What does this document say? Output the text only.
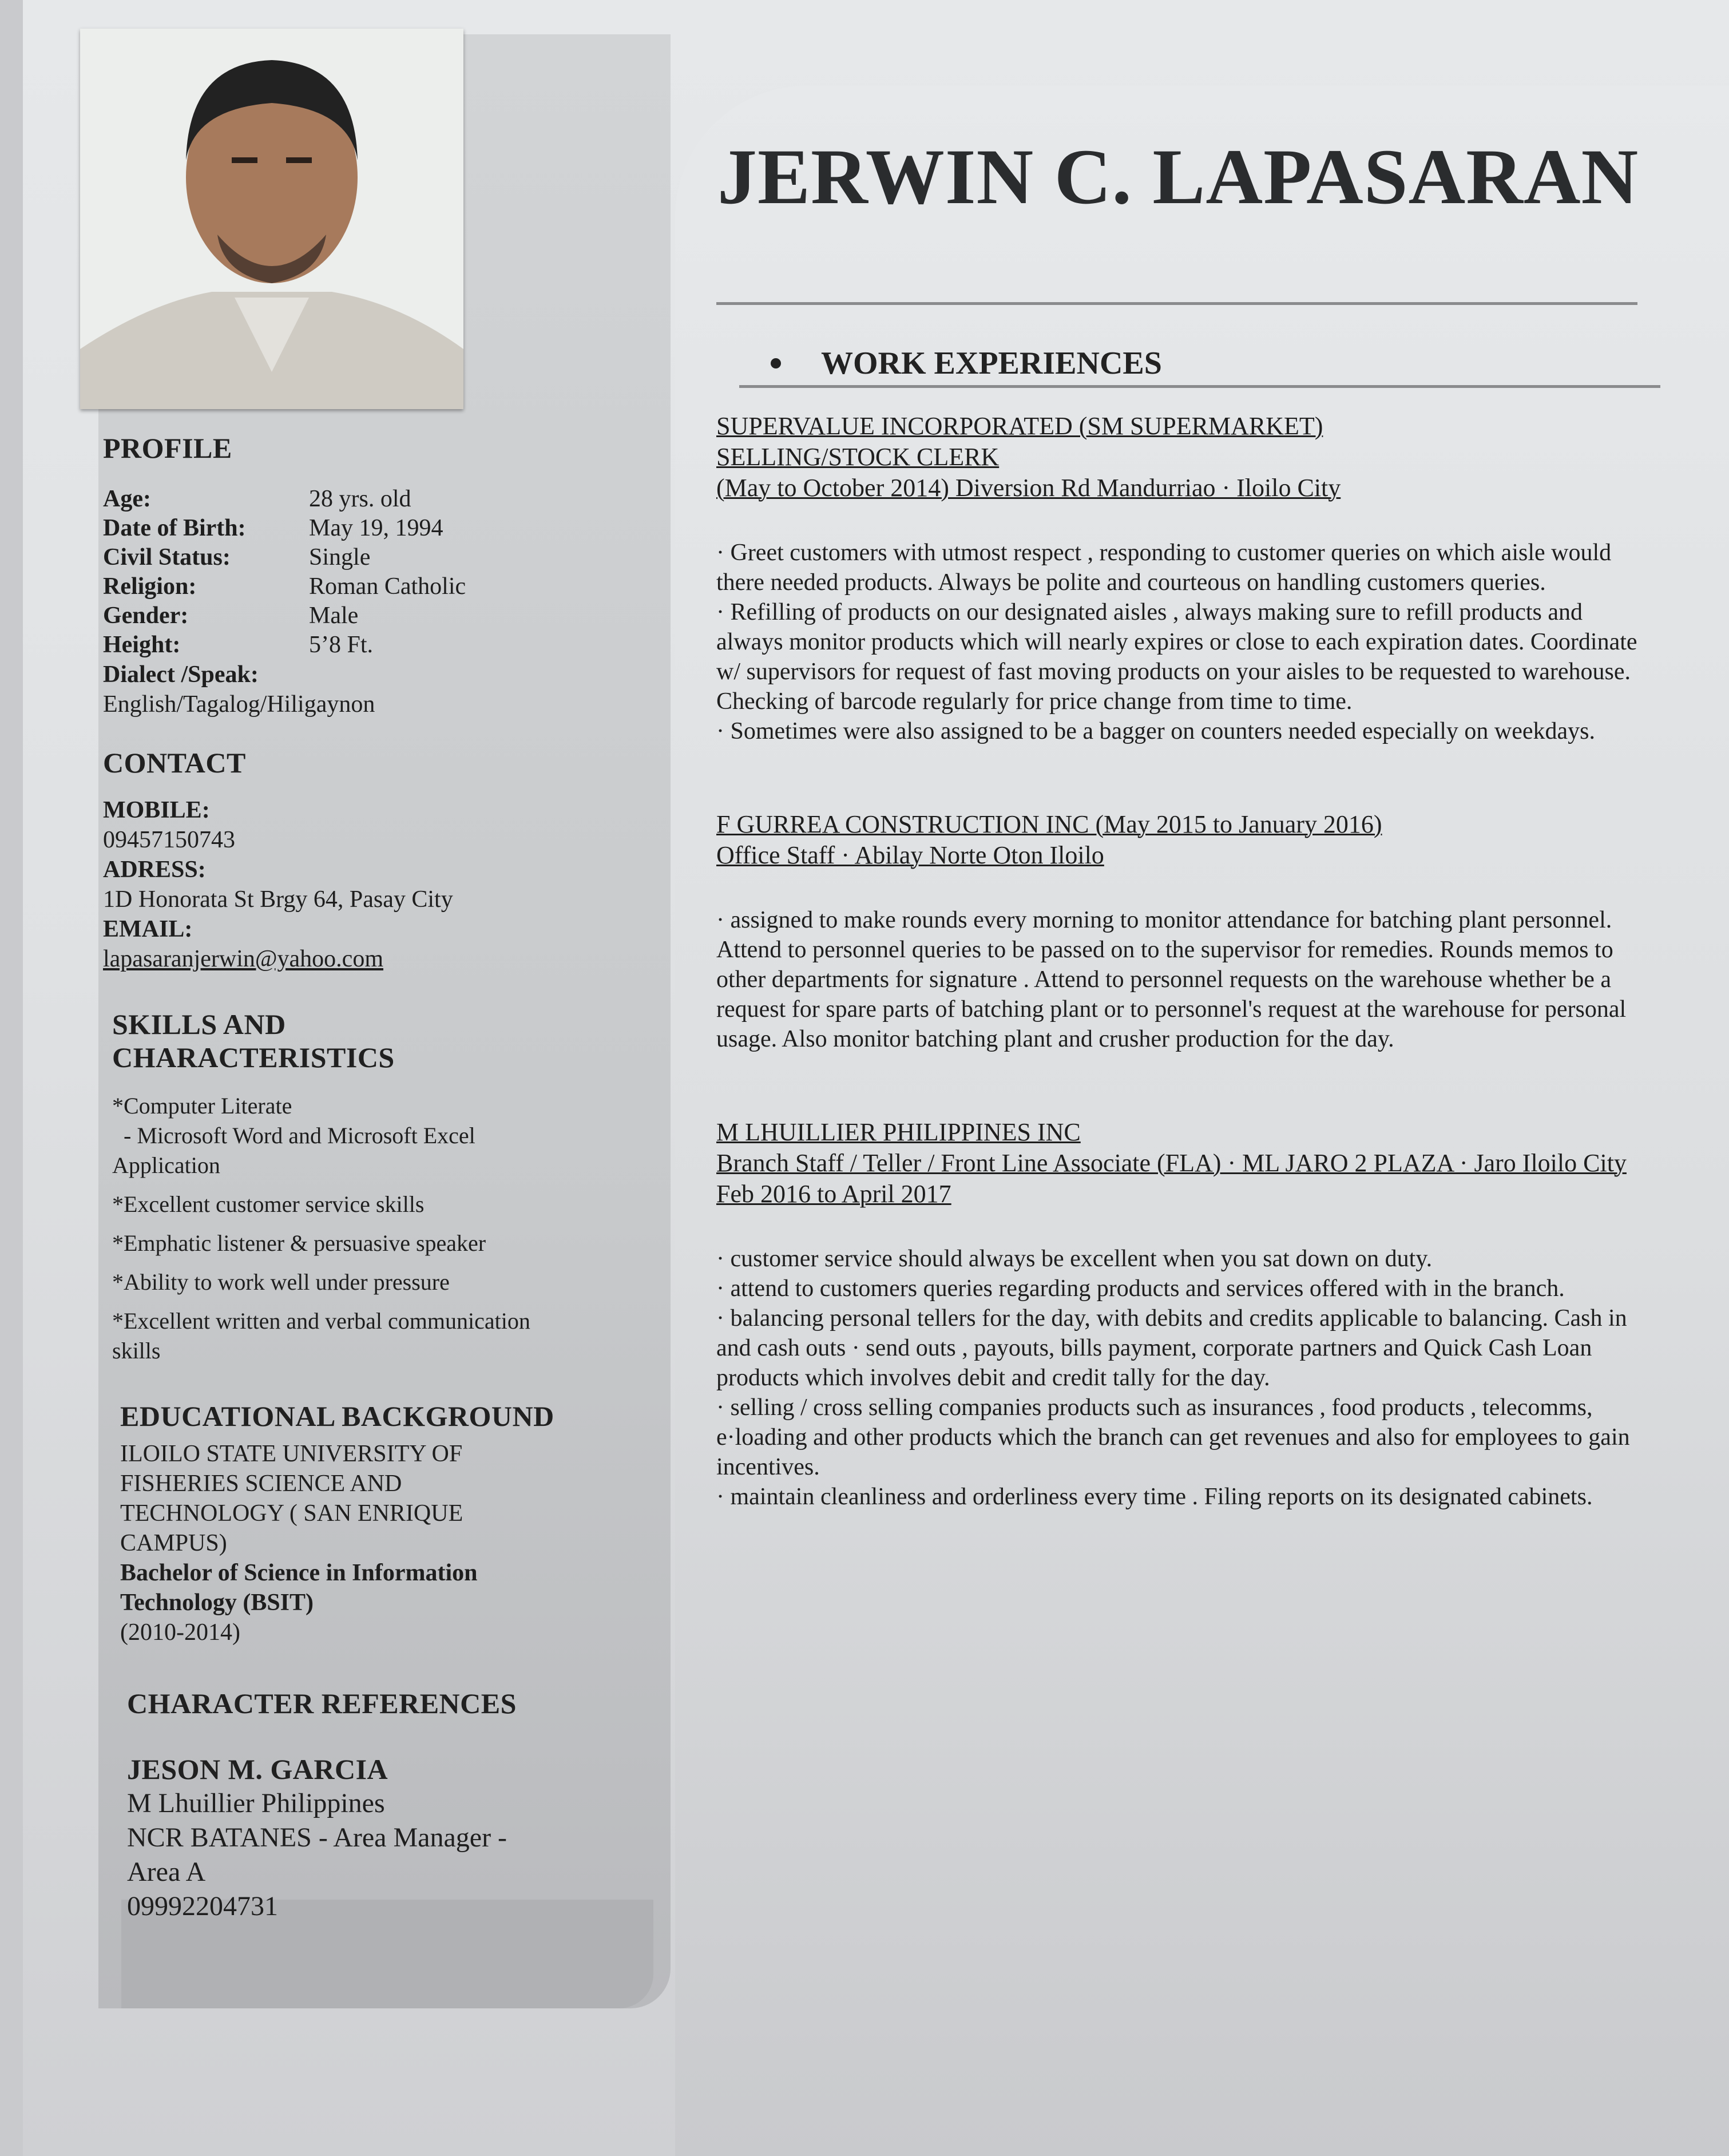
PROFILE
Age:	28 yrs. old
Date of Birth:	May 19, 1994
Civil Status:	Single
Religion:	Roman Catholic
Gender:	Male
Height:	5’8 Ft.
Dialect /Speak:
English/Tagalog/Hiligaynon
CONTACT
MOBILE:
09457150743
ADRESS:
1D Honorata St Brgy 64, Pasay City
EMAIL:
lapasaranjerwin@yahoo.com
SKILLS AND
CHARACTERISTICS
*Computer Literate
- Microsoft Word and Microsoft Excel
Application
*Excellent customer service skills
*Emphatic listener & persuasive speaker
*Ability to work well under pressure
*Excellent written and verbal communication skills
EDUCATIONAL BACKGROUND
ILOILO STATE UNIVERSITY OF FISHERIES SCIENCE AND TECHNOLOGY ( SAN ENRIQUE CAMPUS)
Bachelor of Science in Information Technology (BSIT)
(2010-2014)
CHARACTER REFERENCES
JESON M. GARCIA
M Lhuillier Philippines
NCR BATANES - Area Manager - Area A
09992204731
JERWIN C. LAPASARAN
WORK EXPERIENCES
SUPERVALUE INCORPORATED (SM SUPERMARKET)
SELLING/STOCK CLERK
(May to October 2014) Diversion Rd Mandurriao · Iloilo City

· Greet customers with utmost respect , responding to customer queries on which aisle would there needed products. Always be polite and courteous on handling customers queries.

· Refilling of products on our designated aisles , always making sure to refill products and always monitor products which will nearly expires or close to each expiration dates. Coordinate w/ supervisors for request of fast moving products on your aisles to be requested to warehouse. Checking of barcode regularly for price change from time to time.

· Sometimes were also assigned to be a bagger on counters needed especially on weekdays.

F GURREA CONSTRUCTION INC (May 2015 to January 2016)
Office Staff · Abilay Norte Oton Iloilo

· assigned to make rounds every morning to monitor attendance for batching plant personnel. Attend to personnel queries to be passed on to the supervisor for remedies. Rounds memos to other departments for signature . Attend to personnel requests on the warehouse whether be a request for spare parts of batching plant or to personnel's request at the warehouse for personal usage. Also monitor batching plant and crusher production for the day.

M LHUILLIER PHILIPPINES INC
Branch Staff / Teller / Front Line Associate (FLA) · ML JARO 2 PLAZA · Jaro Iloilo City
Feb 2016 to April 2017

· customer service should always be excellent when you sat down on duty.

· attend to customers queries regarding products and services offered with in the branch.

· balancing personal tellers for the day, with debits and credits applicable to balancing. Cash in and cash outs · send outs , payouts, bills payment, corporate partners and Quick Cash Loan products which involves debit and credit tally for the day.

· selling / cross selling companies products such as insurances , food products , telecomms, e·loading and other products which the branch can get revenues and also for employees to gain incentives.

· maintain cleanliness and orderliness every time . Filing reports on its designated cabinets.
